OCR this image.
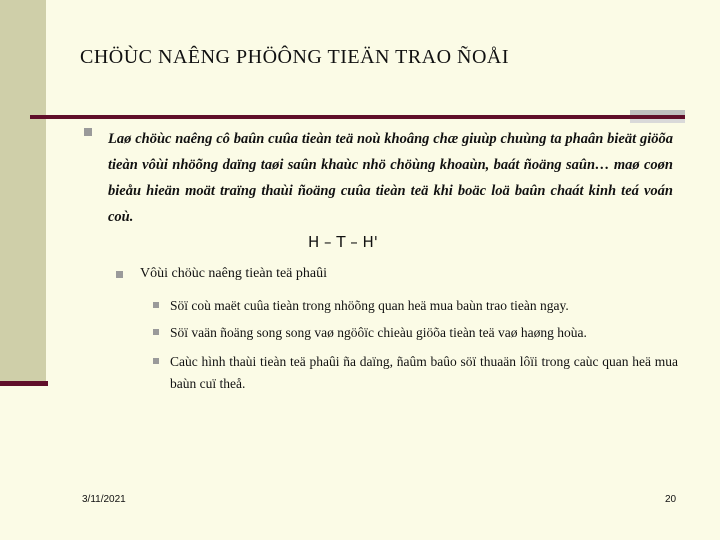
CHÖÙC NAÊNG PHÖÔNG TIEÄN TRAO ÑOÅI
Laø chöùc naêng cô baûn cuûa tieàn teä noù khoâng chæ giuùp chuùng ta phaân bieät giöõa tieàn vôùi nhöõng daïng taøi saûn khaùc nhö chöùng khoaùn, baát ñoäng saûn… maø coøn bieåu hieän moät traïng thaùi ñoäng cuûa tieàn teä khi boäc loä baûn chaát kinh teá voán coù.
H – T – H'
Vôùi chöùc naêng tieàn teä phaûi
Söï coù maët cuûa tieàn trong nhöõng quan heä mua baùn trao tieàn ngay.
Söï vaän ñoäng song song vaø ngöôïc chieàu giöõa tieàn teä vaø haøng hoùa.
Caùc hình thaùi tieàn teä phaûi ña daïng, ñaûm baûo söï thuaän lôïi trong caùc quan heä mua baùn cuï theå.
3/11/2021	20
